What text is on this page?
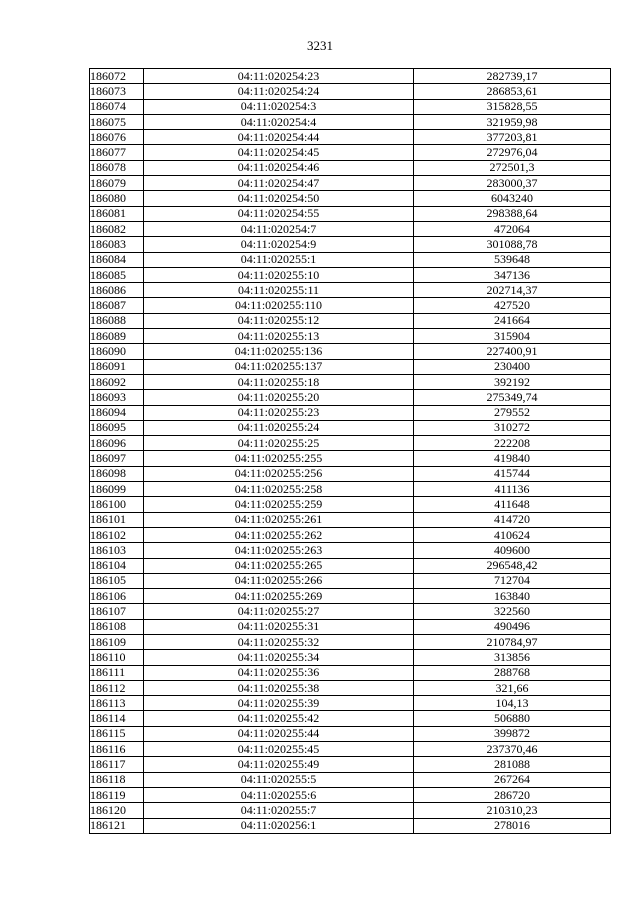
3231
186072	04:11:020254:23	282739,17
186073	04:11:020254:24	286853,61
186074	04:11:020254:3	315828,55
186075	04:11:020254:4	321959,98
186076	04:11:020254:44	377203,81
186077	04:11:020254:45	272976,04
186078	04:11:020254:46	272501,3
186079	04:11:020254:47	283000,37
186080	04:11:020254:50	6043240
186081	04:11:020254:55	298388,64
186082	04:11:020254:7	472064
186083	04:11:020254:9	301088,78
186084	04:11:020255:1	539648
186085	04:11:020255:10	347136
186086	04:11:020255:11	202714,37
186087	04:11:020255:110	427520
186088	04:11:020255:12	241664
186089	04:11:020255:13	315904
186090	04:11:020255:136	227400,91
186091	04:11:020255:137	230400
186092	04:11:020255:18	392192
186093	04:11:020255:20	275349,74
186094	04:11:020255:23	279552
186095	04:11:020255:24	310272
186096	04:11:020255:25	222208
186097	04:11:020255:255	419840
186098	04:11:020255:256	415744
186099	04:11:020255:258	411136
186100	04:11:020255:259	411648
186101	04:11:020255:261	414720
186102	04:11:020255:262	410624
186103	04:11:020255:263	409600
186104	04:11:020255:265	296548,42
186105	04:11:020255:266	712704
186106	04:11:020255:269	163840
186107	04:11:020255:27	322560
186108	04:11:020255:31	490496
186109	04:11:020255:32	210784,97
186110	04:11:020255:34	313856
186111	04:11:020255:36	288768
186112	04:11:020255:38	321,66
186113	04:11:020255:39	104,13
186114	04:11:020255:42	506880
186115	04:11:020255:44	399872
186116	04:11:020255:45	237370,46
186117	04:11:020255:49	281088
186118	04:11:020255:5	267264
186119	04:11:020255:6	286720
186120	04:11:020255:7	210310,23
186121	04:11:020256:1	278016
